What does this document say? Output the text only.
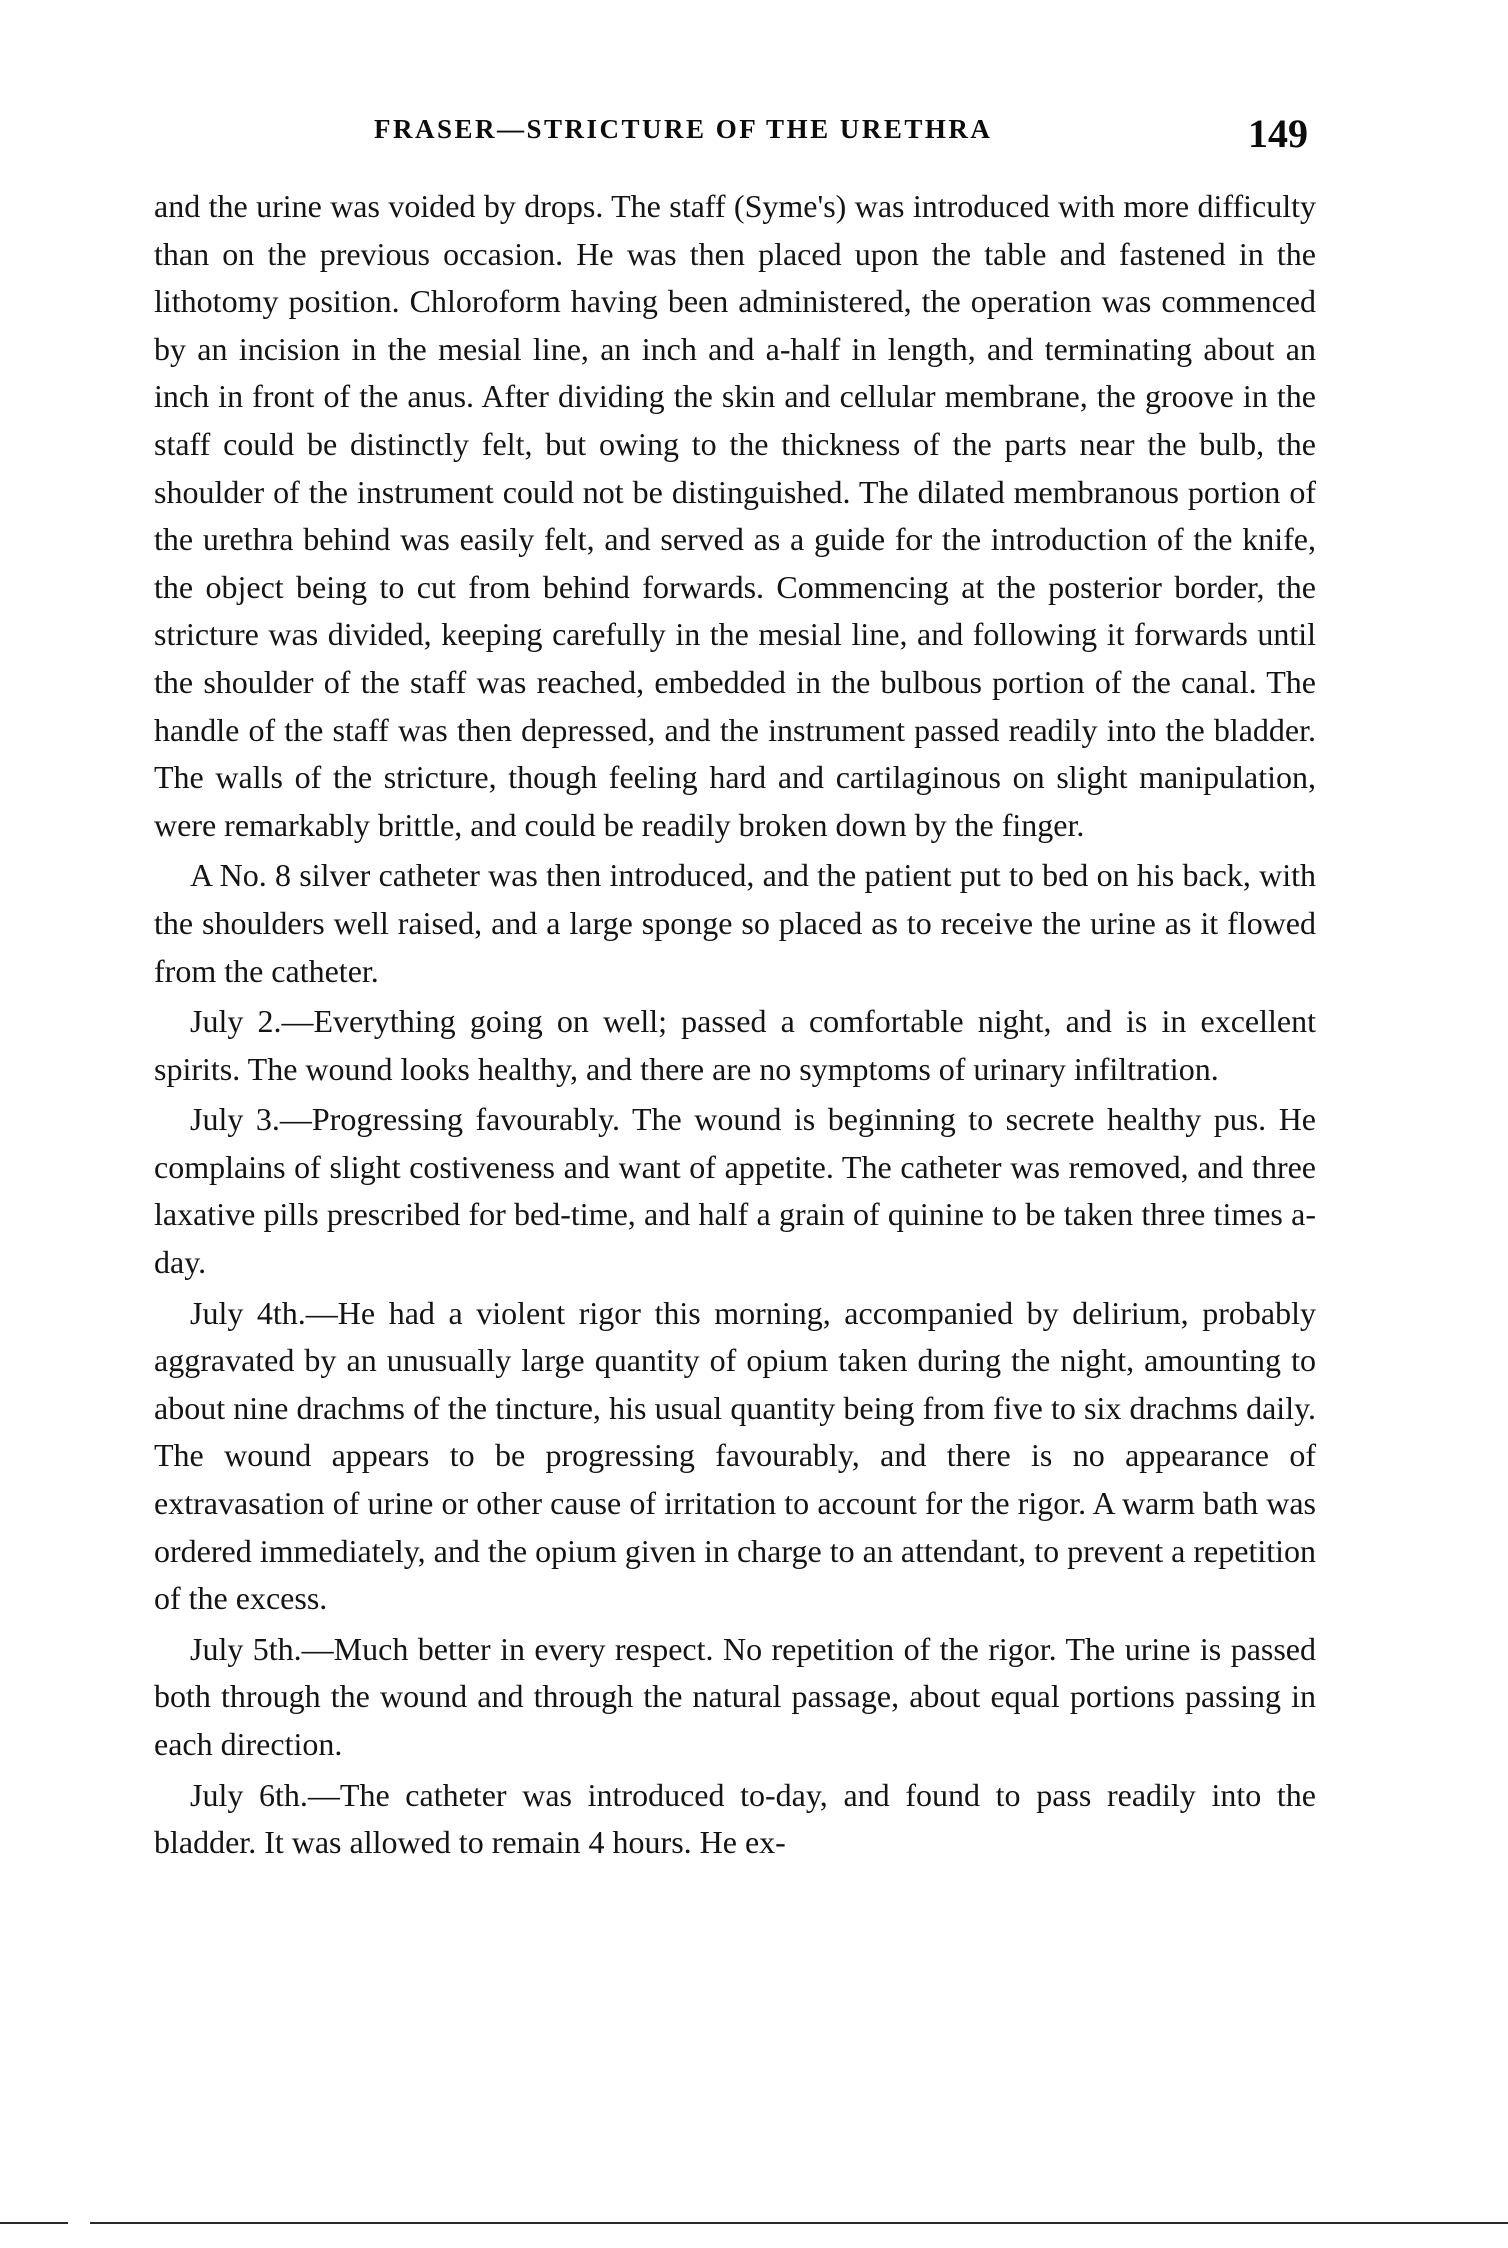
FRASER—STRICTURE OF THE URETHRA	149

and the urine was voided by drops. The staff (Syme's) was introduced with more difficulty than on the previous occasion. He was then placed upon the table and fastened in the lithotomy position. Chloroform having been administered, the operation was commenced by an incision in the mesial line, an inch and a-half in length, and terminating about an inch in front of the anus. After dividing the skin and cellular membrane, the groove in the staff could be distinctly felt, but owing to the thickness of the parts near the bulb, the shoulder of the instrument could not be distinguished. The dilated membranous portion of the urethra behind was easily felt, and served as a guide for the introduction of the knife, the object being to cut from behind forwards. Commencing at the posterior border, the stricture was divided, keeping carefully in the mesial line, and following it forwards until the shoulder of the staff was reached, embedded in the bulbous portion of the canal. The handle of the staff was then depressed, and the instrument passed readily into the bladder. The walls of the stricture, though feeling hard and cartilaginous on slight manipulation, were remarkably brittle, and could be readily broken down by the finger.

A No. 8 silver catheter was then introduced, and the patient put to bed on his back, with the shoulders well raised, and a large sponge so placed as to receive the urine as it flowed from the catheter.

July 2.—Everything going on well; passed a comfortable night, and is in excellent spirits. The wound looks healthy, and there are no symptoms of urinary infiltration.

July 3.—Progressing favourably. The wound is beginning to secrete healthy pus. He complains of slight costiveness and want of appetite. The catheter was removed, and three laxative pills prescribed for bed-time, and half a grain of quinine to be taken three times a-day.

July 4th.—He had a violent rigor this morning, accompanied by delirium, probably aggravated by an unusually large quantity of opium taken during the night, amounting to about nine drachms of the tincture, his usual quantity being from five to six drachms daily. The wound appears to be progressing favourably, and there is no appearance of extravasation of urine or other cause of irritation to account for the rigor. A warm bath was ordered immediately, and the opium given in charge to an attendant, to prevent a repetition of the excess.

July 5th.—Much better in every respect. No repetition of the rigor. The urine is passed both through the wound and through the natural passage, about equal portions passing in each direction.

July 6th.—The catheter was introduced to-day, and found to pass readily into the bladder. It was allowed to remain 4 hours. He ex-
